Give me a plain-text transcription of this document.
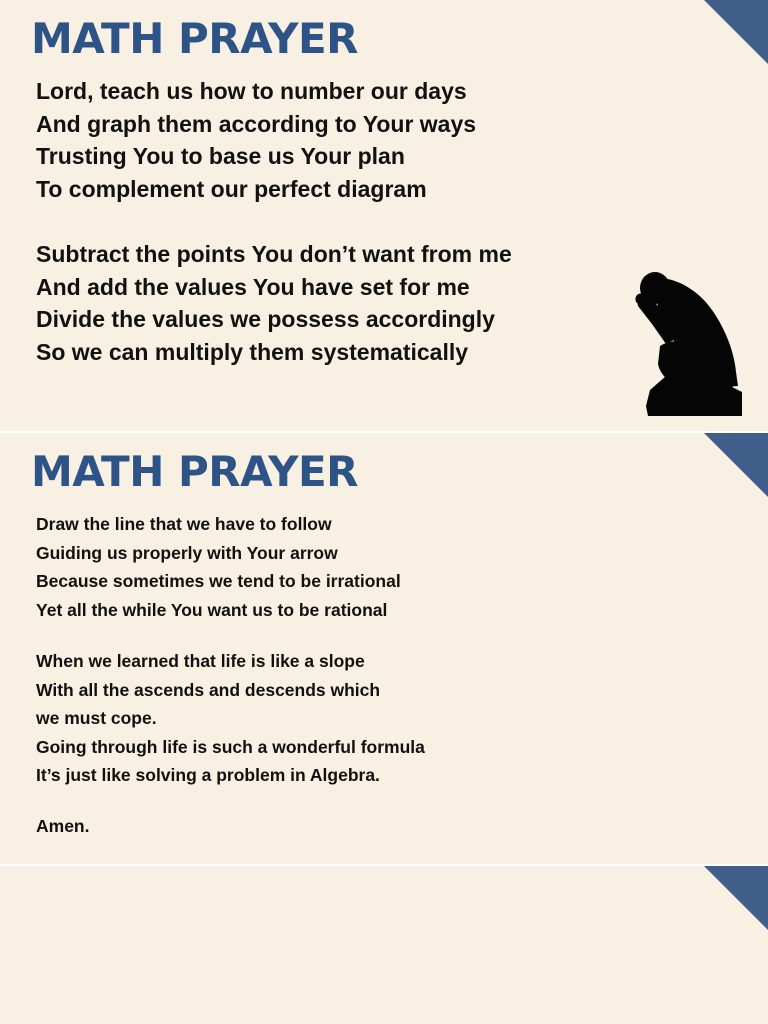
MATH PRAYER
Lord, teach us how to number our days
And graph them according to Your ways
Trusting You to base us Your plan
To complement our perfect diagram
Subtract the points You don’t want from me
And add the values You have set for me
Divide the values we possess accordingly
So we can multiply them systematically
MATH PRAYER
Draw the line that we have to follow
Guiding us properly with Your arrow
Because sometimes we tend to be irrational
Yet all the while You want us to be rational
When we learned that life is like a slope
With all the ascends and descends which
we must cope.
Going through life is such a wonderful formula
It’s just like solving a problem in Algebra.
Amen.
